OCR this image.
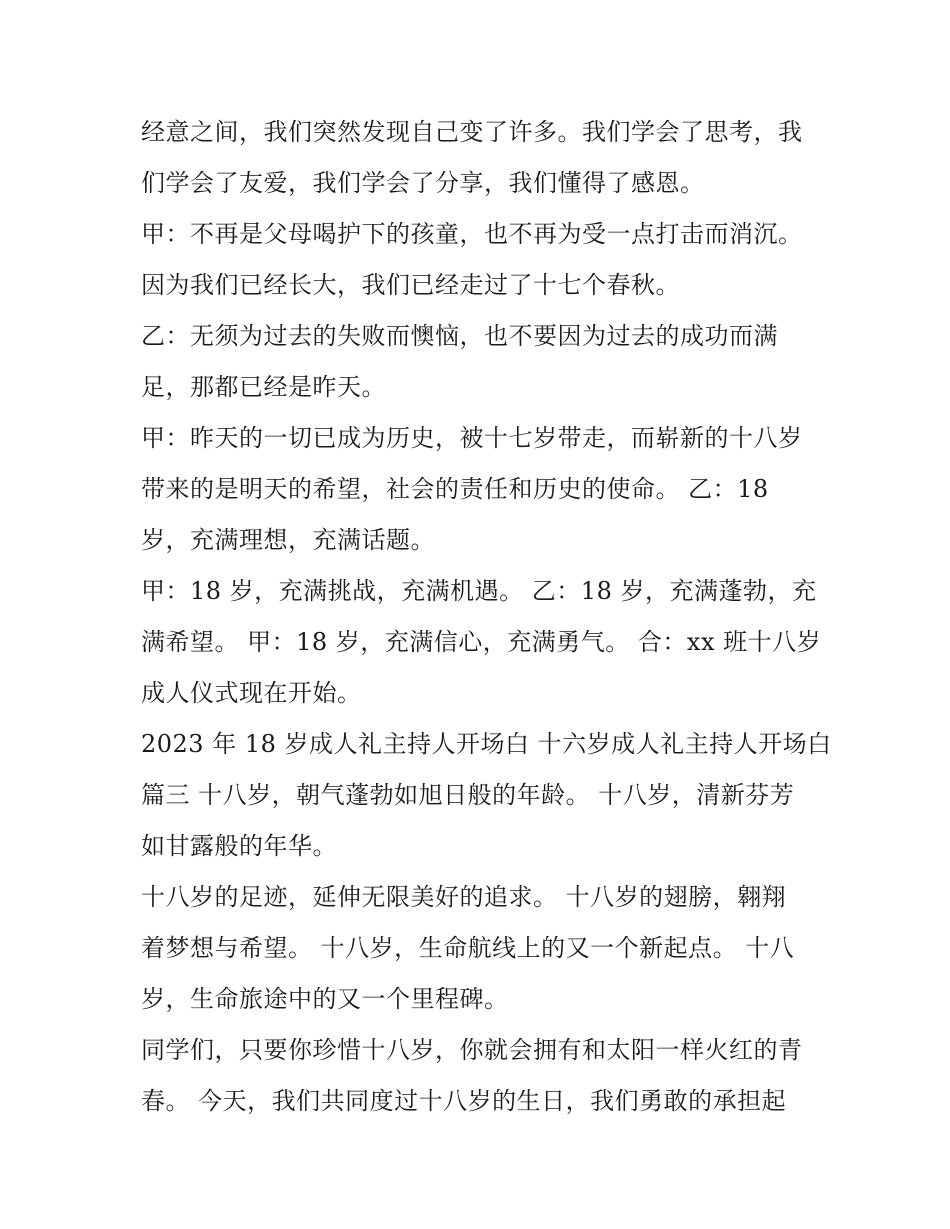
经意之间，我们突然发现自己变了许多。我们学会了思考，我
们学会了友爱，我们学会了分享，我们懂得了感恩。
甲：不再是父母喝护下的孩童，也不再为受一点打击而消沉。
因为我们已经长大，我们已经走过了十七个春秋。
乙：无须为过去的失败而懊恼，也不要因为过去的成功而满
足，那都已经是昨天。
甲：昨天的一切已成为历史，被十七岁带走，而崭新的十八岁
带来的是明天的希望，社会的责任和历史的使命。 乙：18
岁，充满理想，充满话题。
甲：18 岁，充满挑战，充满机遇。 乙：18 岁，充满蓬勃，充
满希望。 甲：18 岁，充满信心，充满勇气。 合：xx 班十八岁
成人仪式现在开始。
2023 年 18 岁成人礼主持人开场白 十六岁成人礼主持人开场白
篇三 十八岁，朝气蓬勃如旭日般的年龄。 十八岁，清新芬芳
如甘露般的年华。
十八岁的足迹，延伸无限美好的追求。 十八岁的翅膀，翱翔
着梦想与希望。 十八岁，生命航线上的又一个新起点。 十八
岁，生命旅途中的又一个里程碑。
同学们，只要你珍惜十八岁，你就会拥有和太阳一样火红的青
春。 今天，我们共同度过十八岁的生日，我们勇敢的承担起
